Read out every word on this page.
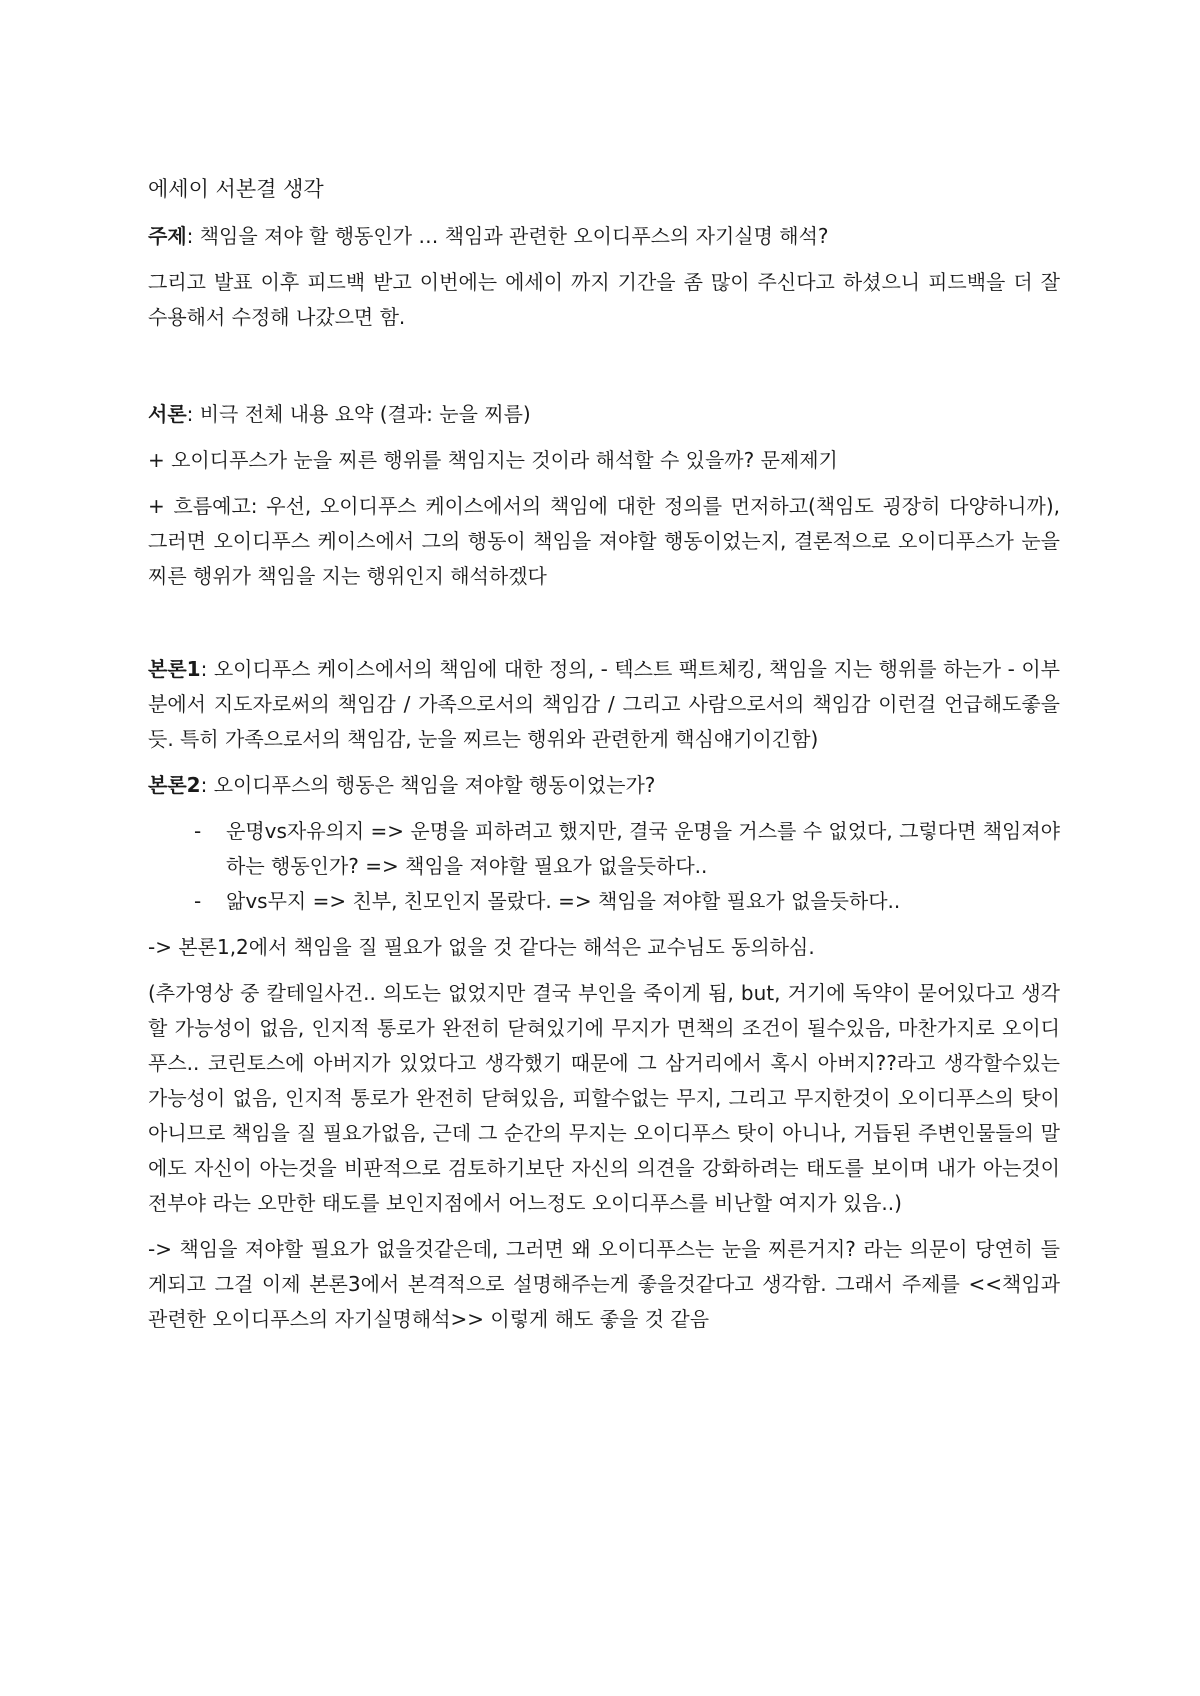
에세이 서본결 생각

주제: 책임을 져야 할 행동인가 … 책임과 관련한 오이디푸스의 자기실명 해석?

그리고 발표 이후 피드백 받고 이번에는 에세이 까지 기간을 좀 많이 주신다고 하셨으니 피드백을 더 잘 수용해서 수정해 나갔으면 함.

서론: 비극 전체 내용 요약 (결과: 눈을 찌름)

+ 오이디푸스가 눈을 찌른 행위를 책임지는 것이라 해석할 수 있을까? 문제제기

+ 흐름예고: 우선, 오이디푸스 케이스에서의 책임에 대한 정의를 먼저하고(책임도 굉장히 다양하니까), 그러면 오이디푸스 케이스에서 그의 행동이 책임을 져야할 행동이었는지, 결론적으로 오이디푸스가 눈을 찌른 행위가 책임을 지는 행위인지 해석하겠다

본론1: 오이디푸스 케이스에서의 책임에 대한 정의, - 텍스트 팩트체킹, 책임을 지는 행위를 하는가 - 이부분에서 지도자로써의 책임감 / 가족으로서의 책임감 / 그리고 사람으로서의 책임감 이런걸 언급해도좋을듯. 특히 가족으로서의 책임감, 눈을 찌르는 행위와 관련한게 핵심얘기이긴함)

본론2: 오이디푸스의 행동은 책임을 져야할 행동이었는가?

- 운명vs자유의지 => 운명을 피하려고 했지만, 결국 운명을 거스를 수 없었다, 그렇다면 책임져야하는 행동인가? => 책임을 져야할 필요가 없을듯하다..
- 앎vs무지 => 친부, 친모인지 몰랐다. => 책임을 져야할 필요가 없을듯하다..

-> 본론1,2에서 책임을 질 필요가 없을 것 같다는 해석은 교수님도 동의하심.

(추가영상 중 칼테일사건.. 의도는 없었지만 결국 부인을 죽이게 됨, but, 거기에 독약이 묻어있다고 생각할 가능성이 없음, 인지적 통로가 완전히 닫혀있기에 무지가 면책의 조건이 될수있음, 마찬가지로 오이디푸스.. 코린토스에 아버지가 있었다고 생각했기 때문에 그 삼거리에서 혹시 아버지??라고 생각할수있는 가능성이 없음, 인지적 통로가 완전히 닫혀있음, 피할수없는 무지, 그리고 무지한것이 오이디푸스의 탓이 아니므로 책임을 질 필요가없음, 근데 그 순간의 무지는 오이디푸스 탓이 아니나, 거듭된 주변인물들의 말에도 자신이 아는것을 비판적으로 검토하기보단 자신의 의견을 강화하려는 태도를 보이며 내가 아는것이 전부야 라는 오만한 태도를 보인지점에서 어느정도 오이디푸스를 비난할 여지가 있음..)

-> 책임을 져야할 필요가 없을것같은데, 그러면 왜 오이디푸스는 눈을 찌른거지? 라는 의문이 당연히 들게되고 그걸 이제 본론3에서 본격적으로 설명해주는게 좋을것같다고 생각함. 그래서 주제를 <<책임과 관련한 오이디푸스의 자기실명해석>> 이렇게 해도 좋을 것 같음
